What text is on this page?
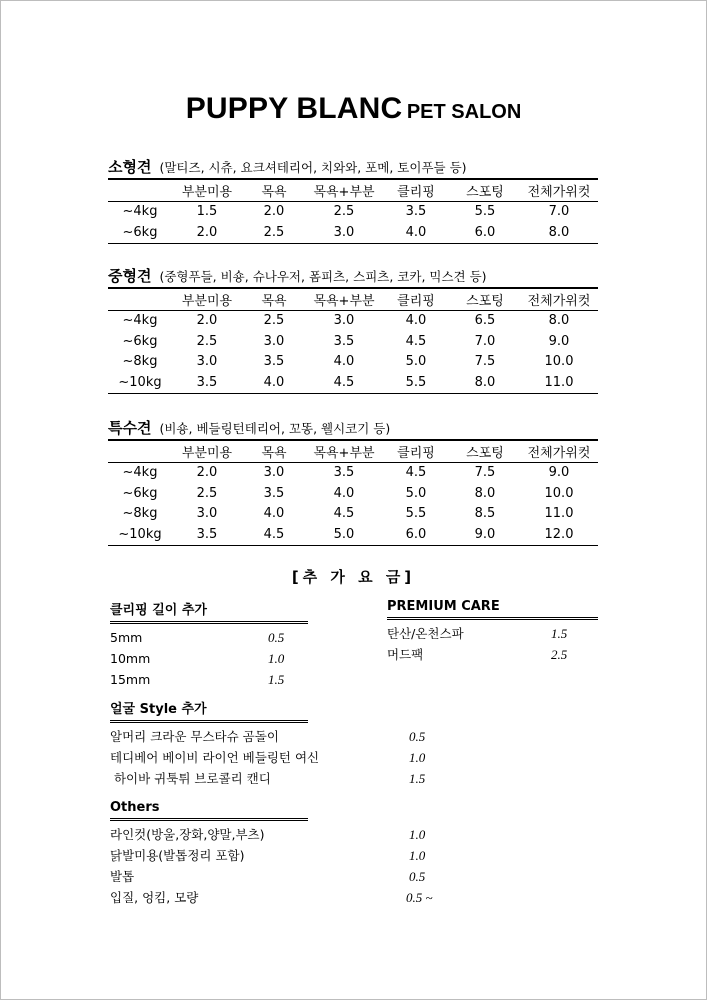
PUPPY BLANC PET SALON
소형견 (말티즈, 시츄, 요크셔테리어, 치와와, 포메, 토이푸들 등)
	부분미용	목욕	목욕+부분	클리핑	스포팅	전체가위컷
~4kg	1.5	2.0	2.5	3.5	5.5	7.0
~6kg	2.0	2.5	3.0	4.0	6.0	8.0
중형견 (중형푸들, 비숑, 슈나우저, 폼피츠, 스피츠, 코카, 믹스견 등)
	부분미용	목욕	목욕+부분	클리핑	스포팅	전체가위컷
~4kg	2.0	2.5	3.0	4.0	6.5	8.0
~6kg	2.5	3.0	3.5	4.5	7.0	9.0
~8kg	3.0	3.5	4.0	5.0	7.5	10.0
~10kg	3.5	4.0	4.5	5.5	8.0	11.0
특수견 (비숑, 베들링턴테리어, 꼬똥, 웰시코기 등)
	부분미용	목욕	목욕+부분	클리핑	스포팅	전체가위컷
~4kg	2.0	3.0	3.5	4.5	7.5	9.0
~6kg	2.5	3.5	4.0	5.0	8.0	10.0
~8kg	3.0	4.0	4.5	5.5	8.5	11.0
~10kg	3.5	4.5	5.0	6.0	9.0	12.0
[추 가 요 금]
클리핑 길이 추가
5mm	0.5
10mm	1.0
15mm	1.5
PREMIUM CARE
탄산/온천스파	1.5
머드팩	2.5
얼굴 Style 추가
알머리 크라운 무스타슈 곰돌이	0.5
테디베어 베이비 라이언 베들링턴 여신	1.0
하이바 귀툭튀 브로콜리 캔디	1.5
Others
라인컷(방울,장화,양말,부츠)	1.0
닭발미용(발톱정리 포함)	1.0
발톱	0.5
입질, 엉킴, 모량	0.5 ~
